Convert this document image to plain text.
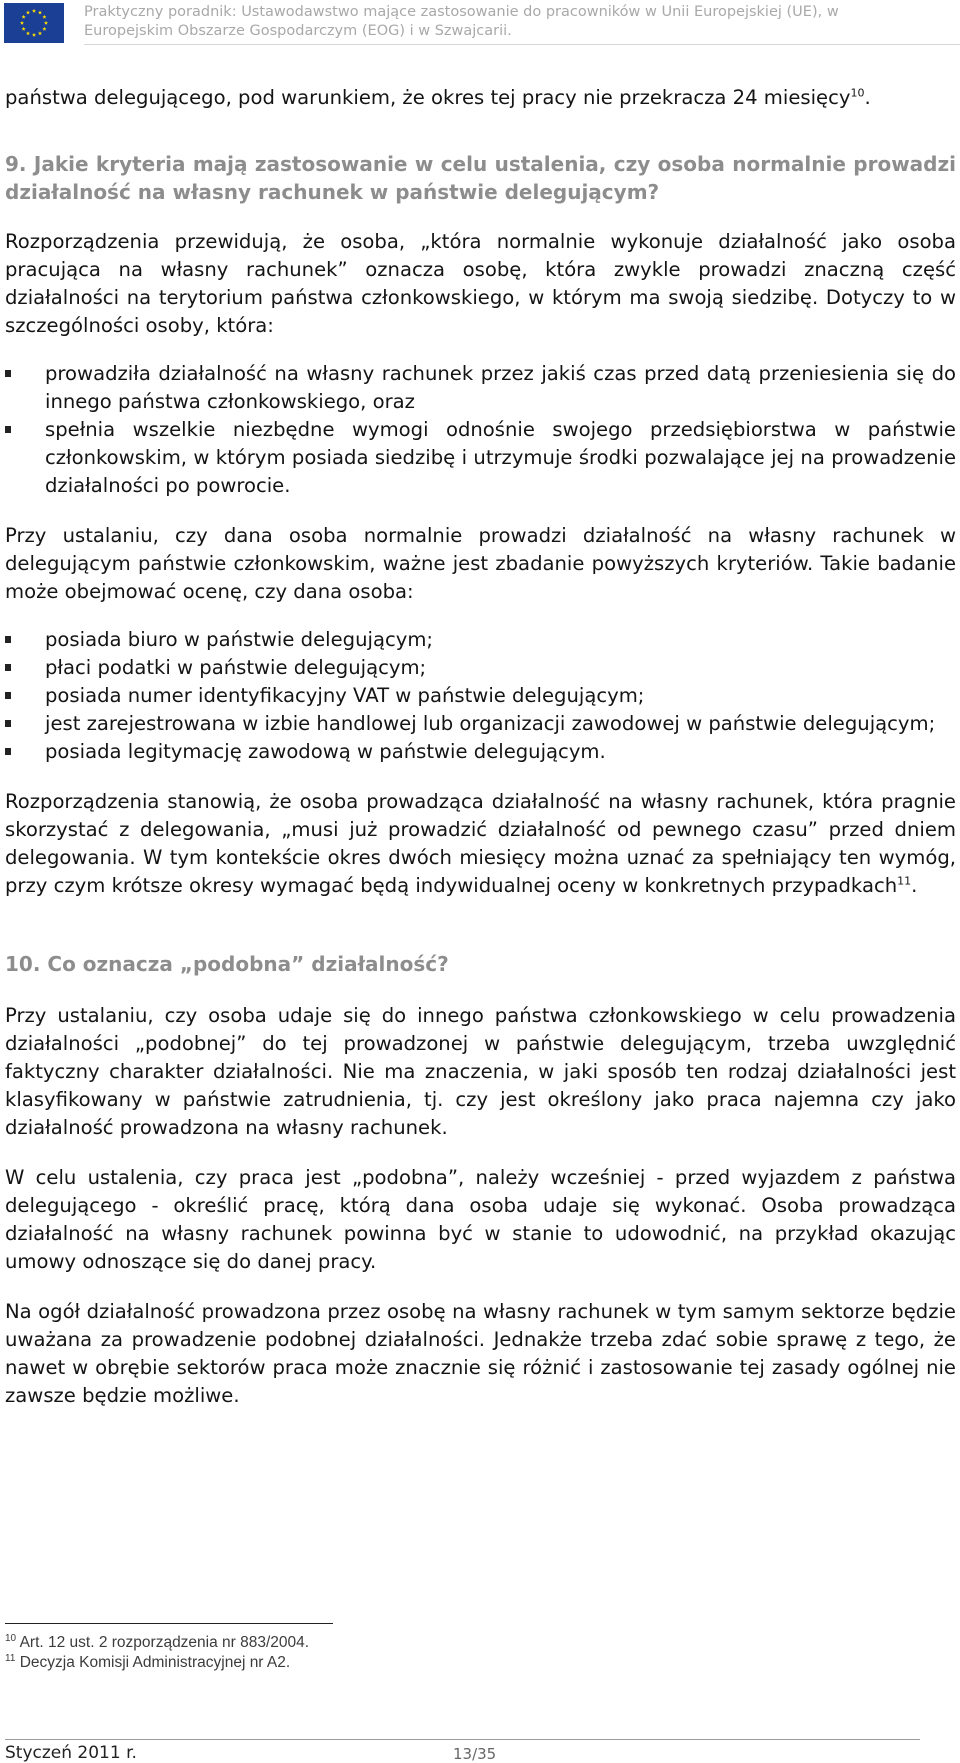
Praktyczny poradnik: Ustawodawstwo mające zastosowanie do pracowników w Unii Europejskiej (UE), w
Europejskim Obszarze Gospodarczym (EOG) i w Szwajcarii.

państwa delegującego, pod warunkiem, że okres tej pracy nie przekracza 24 miesięcy$^{10}$.

9. Jakie kryteria mają zastosowanie w celu ustalenia, czy osoba normalnie prowadzi działalność na własny rachunek w państwie delegującym?

Rozporządzenia przewidują, że osoba, „która normalnie wykonuje działalność jako osoba pracująca na własny rachunek” oznacza osobę, która zwykle prowadzi znaczną część działalności na terytorium państwa członkowskiego, w którym ma swoją siedzibę. Dotyczy to w szczególności osoby, która:

prowadziła działalność na własny rachunek przez jakiś czas przed datą przeniesienia się do innego państwa członkowskiego, oraz
spełnia wszelkie niezbędne wymogi odnośnie swojego przedsiębiorstwa w państwie członkowskim, w którym posiada siedzibę i utrzymuje środki pozwalające jej na prowadzenie działalności po powrocie.

Przy ustalaniu, czy dana osoba normalnie prowadzi działalność na własny rachunek w delegującym państwie członkowskim, ważne jest zbadanie powyższych kryteriów. Takie badanie może obejmować ocenę, czy dana osoba:

posiada biuro w państwie delegującym;
płaci podatki w państwie delegującym;
posiada numer identyfikacyjny VAT w państwie delegującym;
jest zarejestrowana w izbie handlowej lub organizacji zawodowej w państwie delegującym;
posiada legitymację zawodową w państwie delegującym.

Rozporządzenia stanowią, że osoba prowadząca działalność na własny rachunek, która pragnie skorzystać z delegowania, „musi już prowadzić działalność od pewnego czasu” przed dniem delegowania. W tym kontekście okres dwóch miesięcy można uznać za spełniający ten wymóg, przy czym krótsze okresy wymagać będą indywidualnej oceny w konkretnych przypadkach$^{11}$.

10. Co oznacza „podobna” działalność?

Przy ustalaniu, czy osoba udaje się do innego państwa członkowskiego w celu prowadzenia działalności „podobnej” do tej prowadzonej w państwie delegującym, trzeba uwzględnić faktyczny charakter działalności. Nie ma znaczenia, w jaki sposób ten rodzaj działalności jest klasyfikowany w państwie zatrudnienia, tj. czy jest określony jako praca najemna czy jako działalność prowadzona na własny rachunek.

W celu ustalenia, czy praca jest „podobna”, należy wcześniej - przed wyjazdem z państwa delegującego - określić pracę, którą dana osoba udaje się wykonać. Osoba prowadząca działalność na własny rachunek powinna być w stanie to udowodnić, na przykład okazując umowy odnoszące się do danej pracy.

Na ogół działalność prowadzona przez osobę na własny rachunek w tym samym sektorze będzie uważana za prowadzenie podobnej działalności. Jednakże trzeba zdać sobie sprawę z tego, że nawet w obrębie sektorów praca może znacznie się różnić i zastosowanie tej zasady ogólnej nie zawsze będzie możliwe.

$^{10}$ Art. 12 ust. 2 rozporządzenia nr 883/2004.
$^{11}$ Decyzja Komisji Administracyjnej nr A2.
Styczeń 2011 r.	13/35
